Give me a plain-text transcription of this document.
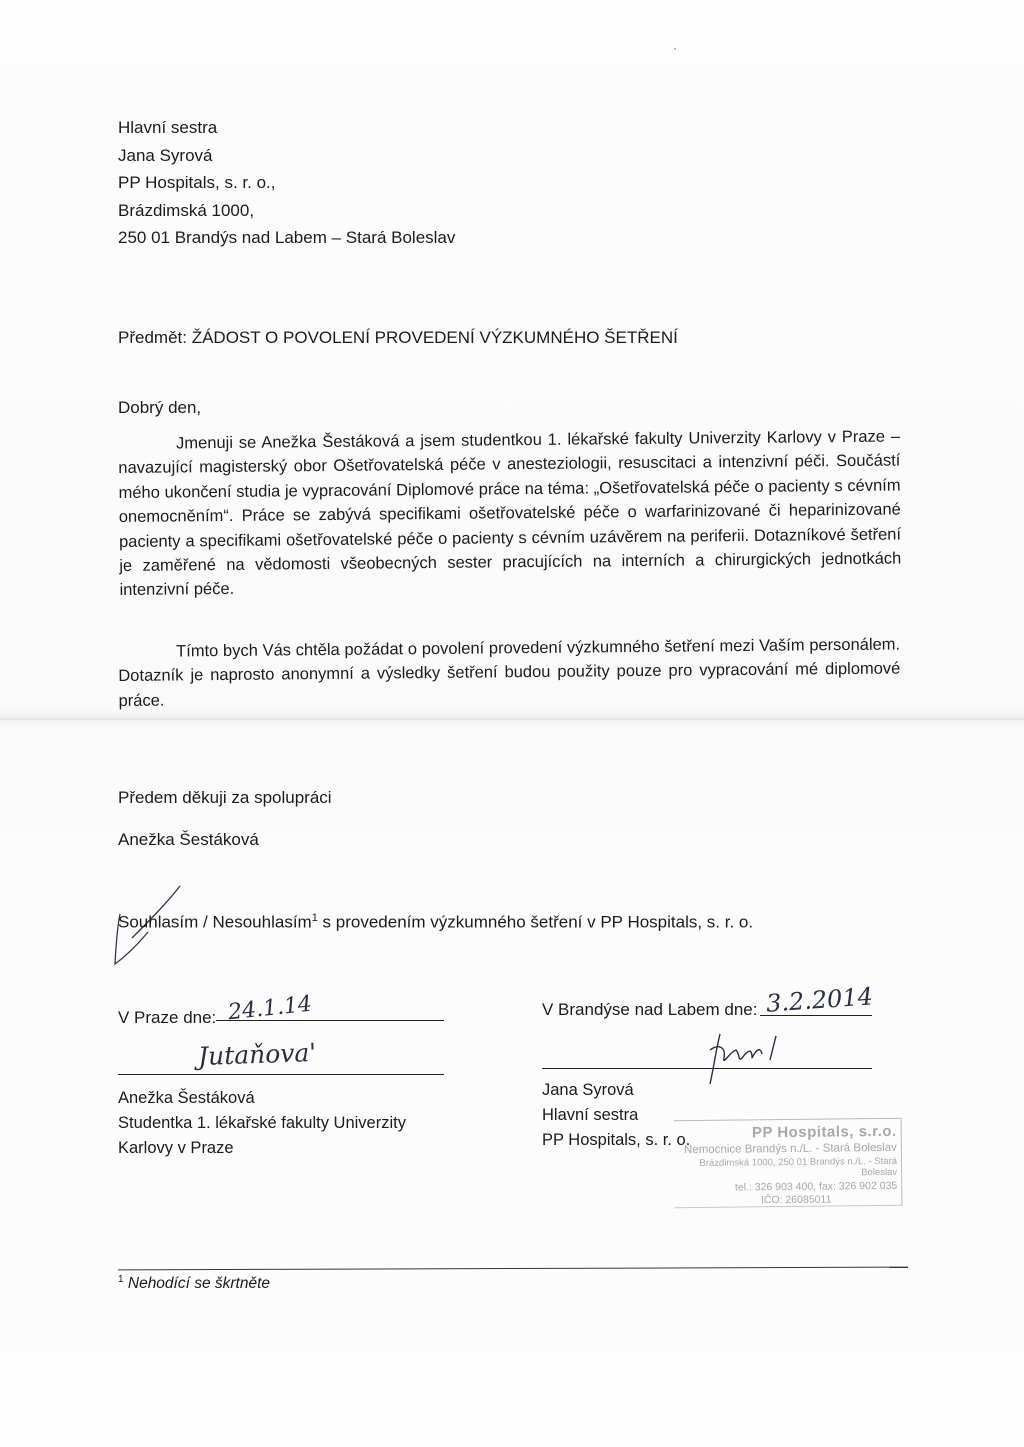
Hlavní sestra
Jana Syrová
PP Hospitals, s. r. o.,
Brázdimská 1000,
250 01 Brandýs nad Labem – Stará Boleslav
Předmět: ŽÁDOST O POVOLENÍ PROVEDENÍ VÝZKUMNÉHO ŠETŘENÍ
Dobrý den,

Jmenuji se Anežka Šestáková a jsem studentkou 1. lékařské fakulty Univerzity Karlovy v Praze – navazující magisterský obor Ošetřovatelská péče v anesteziologii, resuscitaci a intenzivní péči. Součástí mého ukončení studia je vypracování Diplomové práce na téma: „Ošetřovatelská péče o pacienty s cévním onemocněním“. Práce se zabývá specifikami ošetřovatelské péče o warfarinizované či heparinizované pacienty a specifikami ošetřovatelské péče o pacienty s cévním uzávěrem na periferii. Dotazníkové šetření je zaměřené na vědomosti všeobecných sester pracujících na interních a chirurgických jednotkách intenzivní péče.

Tímto bych Vás chtěla požádat o povolení provedení výzkumného šetření mezi Vaším personálem. Dotazník je naprosto anonymní a výsledky šetření budou použity pouze pro vypracování mé diplomové práce.

Předem děkuji za spolupráci
Anežka Šestáková
Souhlasím / Nesouhlasím$^1$ s provedením výzkumného šetření v PP Hospitals, s. r. o.
V Praze dne: 24.1.14	V Brandýse nad Labem dne: 3.2.2014
Jutaňova'
Anežka Šestáková
Studentka 1. lékařské fakulty Univerzity
Karlovy v Praze
Jana Syrová
Hlavní sestra
PP Hospitals, s. r. o.	PP Hospitals, s.r.o.
Nemocnice Brandýs n./L. - Stará Boleslav
Brázdimská 1000, 250 01 Brandýs n./L. - Stará Boleslav
tel.: 326 903 400, fax: 326 902 035
IČO: 26085011
$^1$ Nehodící se škrtněte
